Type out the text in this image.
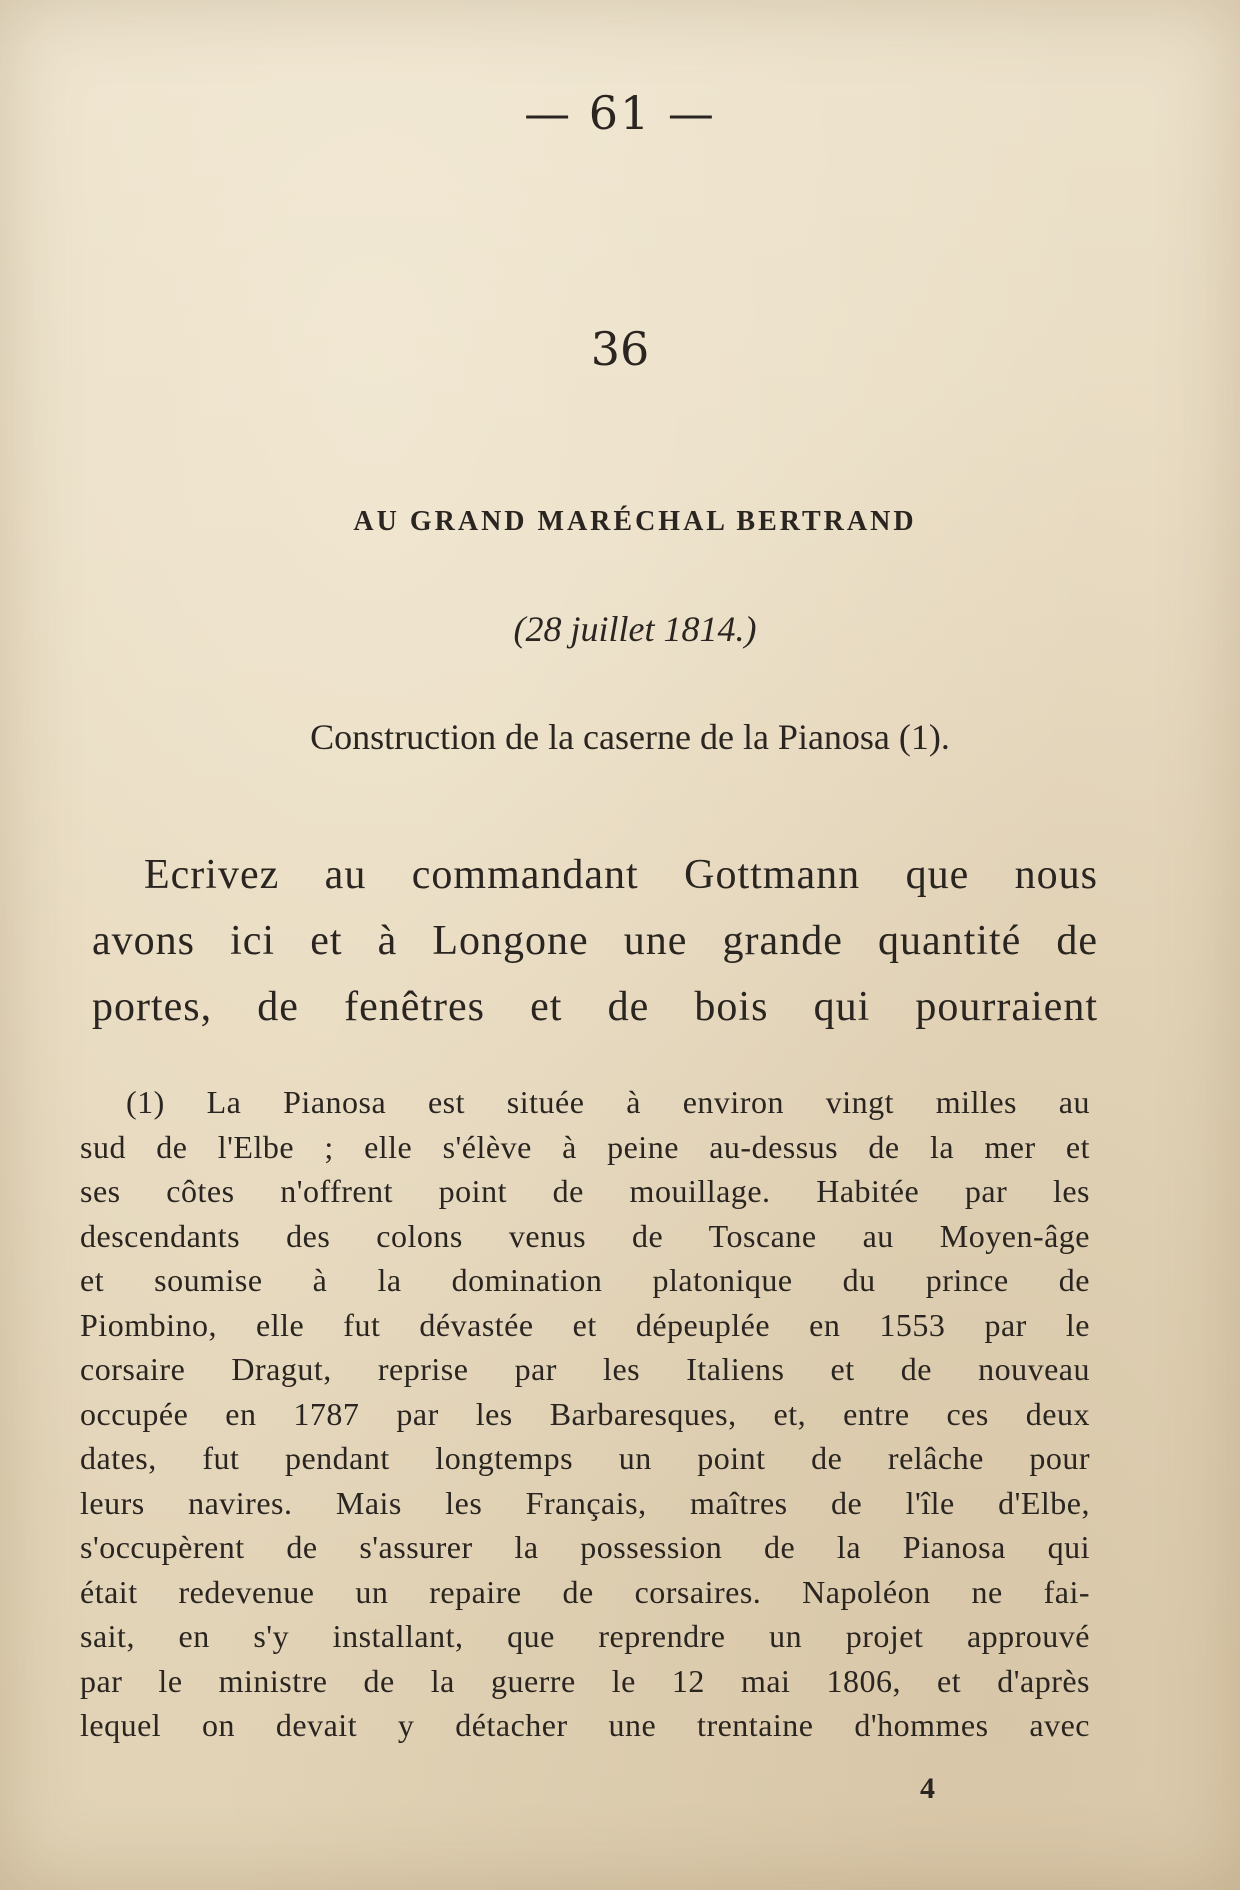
— 61 —
36
AU GRAND MARÉCHAL BERTRAND
(28 juillet 1814.)
Construction de la caserne de la Pianosa (1).
Ecrivez au commandant Gottmann que nous
avons ici et à Longone une grande quantité de
portes, de fenêtres et de bois qui pourraient
(1) La Pianosa est située à environ vingt milles au
sud de l'Elbe ; elle s'élève à peine au-dessus de la mer et
ses côtes n'offrent point de mouillage. Habitée par les
descendants des colons venus de Toscane au Moyen-âge
et soumise à la domination platonique du prince de
Piombino, elle fut dévastée et dépeuplée en 1553 par le
corsaire Dragut, reprise par les Italiens et de nouveau
occupée en 1787 par les Barbaresques, et, entre ces deux
dates, fut pendant longtemps un point de relâche pour
leurs navires. Mais les Français, maîtres de l'île d'Elbe,
s'occupèrent de s'assurer la possession de la Pianosa qui
était redevenue un repaire de corsaires. Napoléon ne fai-
sait, en s'y installant, que reprendre un projet approuvé
par le ministre de la guerre le 12 mai 1806, et d'après
lequel on devait y détacher une trentaine d'hommes avec
4
